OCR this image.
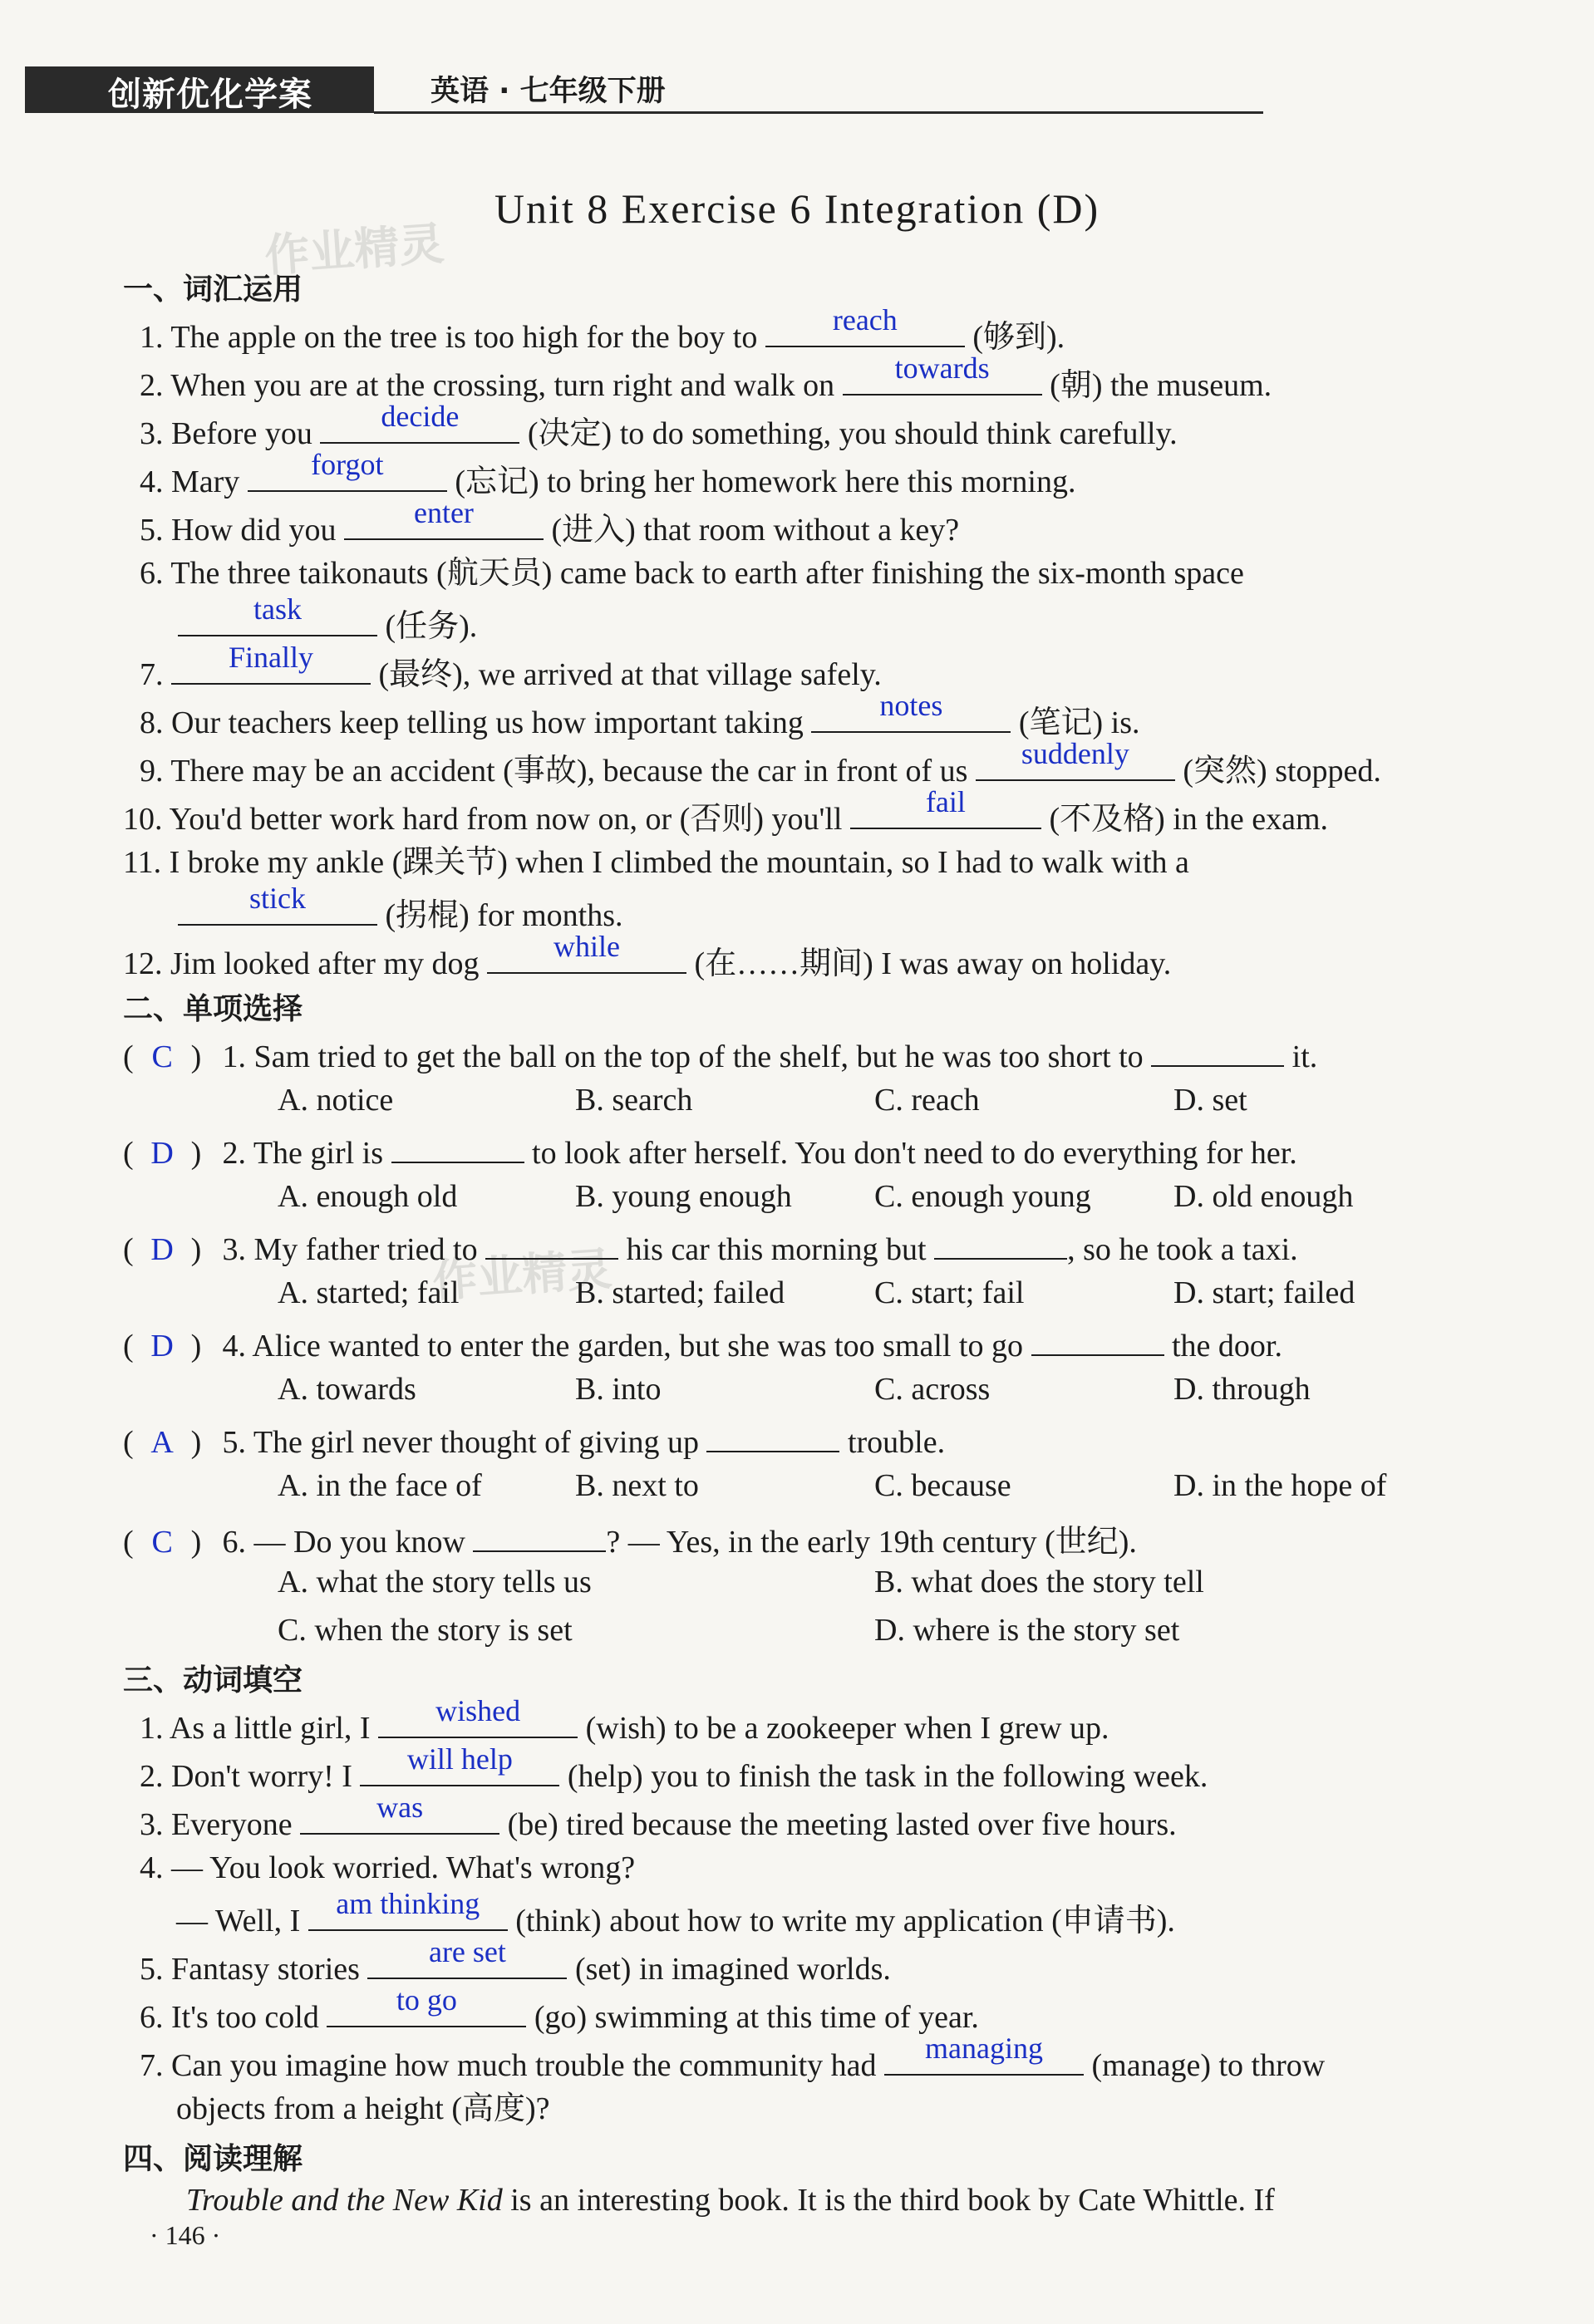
创新优化学案	英语 · 七年级下册
Unit 8 Exercise 6 Integration (D)
作业精灵
作业精灵
一、词汇运用
1. The apple on the tree is too high for the boy to
reach
(够到).
2. When you are at the crossing, turn right and walk on
towards
(朝) the museum.
3. Before you
decide
(决定) to do something, you should think carefully.
4. Mary
forgot
(忘记) to bring her homework here this morning.
5. How did you
enter
(进入) that room without a key?
6. The three taikonauts (航天员) came back to earth after finishing the six-month space
task
(任务).
7.
Finally
(最终), we arrived at that village safely.
8. Our teachers keep telling us how important taking
notes
(笔记) is.
9. There may be an accident (事故), because the car in front of us
suddenly
(突然) stopped.
10. You'd better work hard from now on, or (否则) you'll
fail
(不及格) in the exam.
11. I broke my ankle (踝关节) when I climbed the mountain, so I had to walk with a
stick
(拐棍) for months.
12. Jim looked after my dog
while
(在……期间) I was away on holiday.
二、单项选择
( C ) 1. Sam tried to get the ball on the top of the shelf, but he was too short to	it.
A. notice	B. search	C. reach	D. set
( D ) 2. The girl is	to look after herself. You don't need to do everything for her.
A. enough old	B. young enough	C. enough young	D. old enough
( D ) 3. My father tried to	his car this morning but	, so he took a taxi.
A. started; fail	B. started; failed	C. start; fail	D. start; failed
( D ) 4. Alice wanted to enter the garden, but she was too small to go	the door.
A. towards	B. into	C. across	D. through
( A ) 5. The girl never thought of giving up	trouble.
A. in the face of	B. next to	C. because	D. in the hope of
( C ) 6. — Do you know	? — Yes, in the early 19th century (世纪).
A. what the story tells us	B. what does the story tell
C. when the story is set	D. where is the story set
三、动词填空
1. As a little girl, I
wished
(wish) to be a zookeeper when I grew up.
2. Don't worry! I
will help
(help) you to finish the task in the following week.
3. Everyone
was
(be) tired because the meeting lasted over five hours.
4. — You look worried. What's wrong?
— Well, I
am thinking
(think) about how to write my application (申请书).
5. Fantasy stories
are set
(set) in imagined worlds.
6. It's too cold
to go
(go) swimming at this time of year.
7. Can you imagine how much trouble the community had
managing
(manage) to throw
objects from a height (高度)?
四、阅读理解
Trouble and the New Kid is an interesting book. It is the third book by Cate Whittle. If
· 146 ·
